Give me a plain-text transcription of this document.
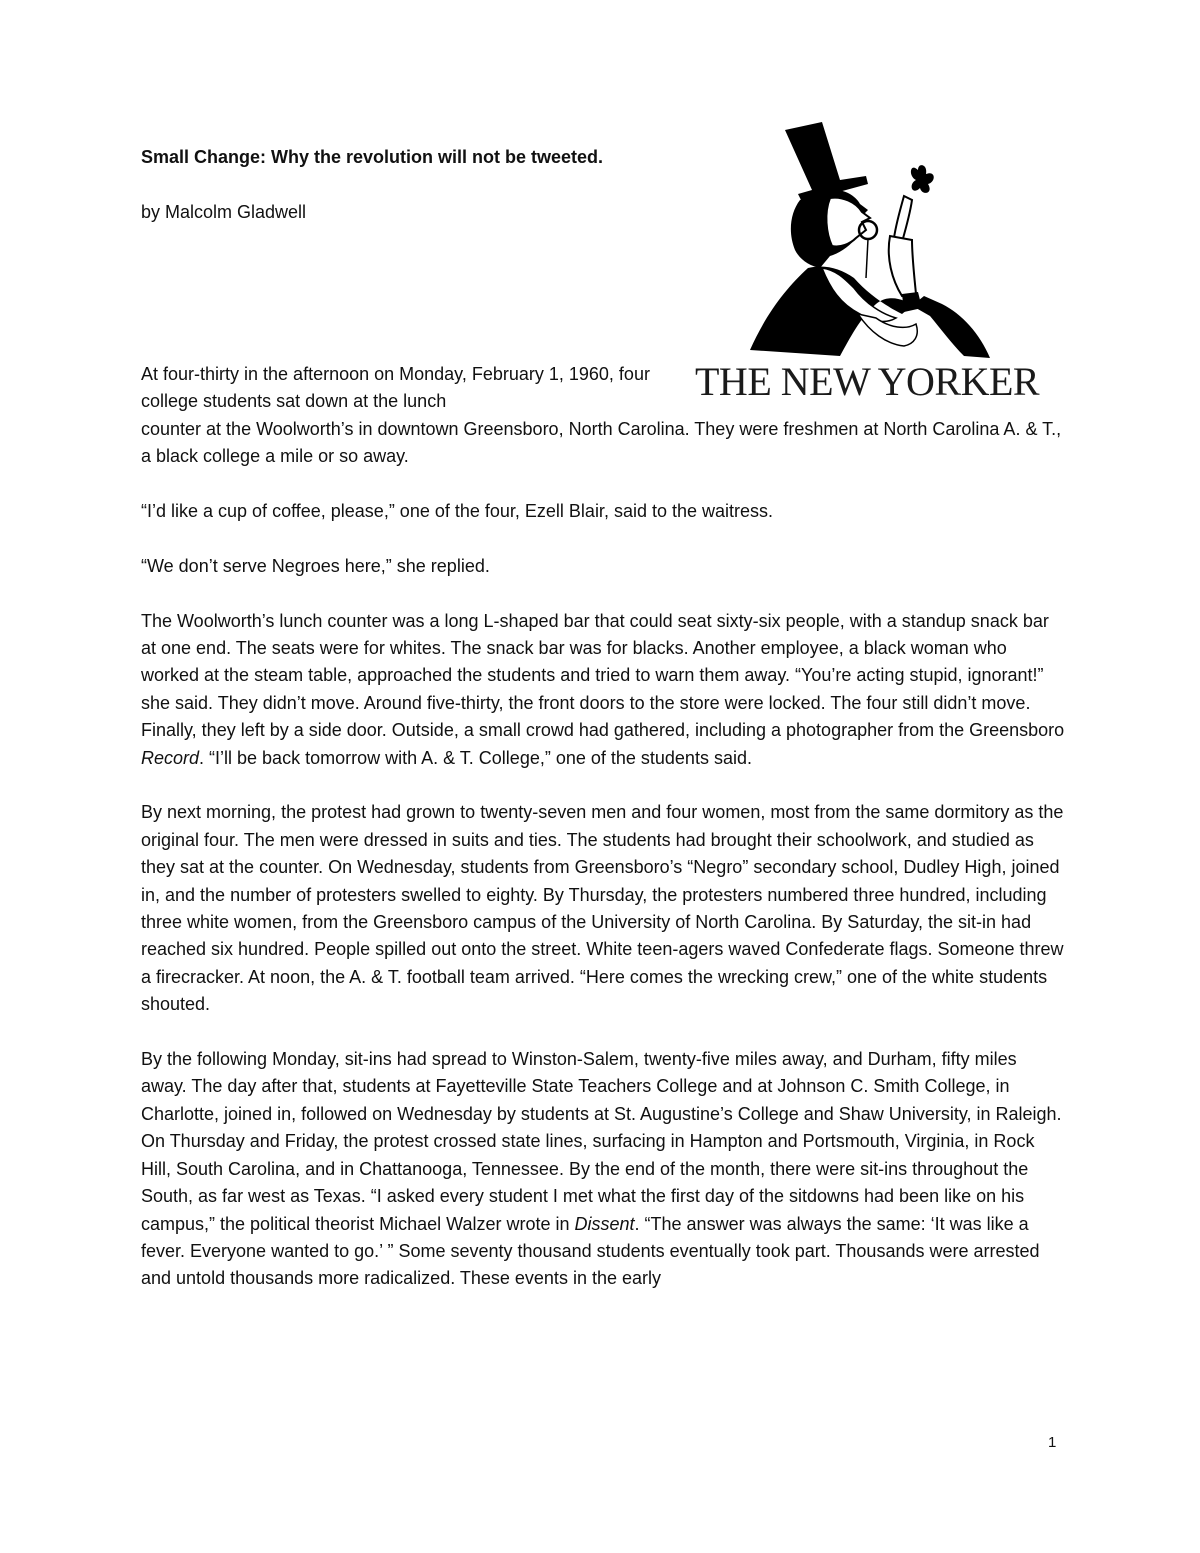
Small Change: Why the revolution will not be tweeted.
by Malcolm Gladwell
THE NEW YORKER

At four-thirty in the afternoon on Monday, February 1, 1960, four college students sat down at the lunch
counter at the Woolworth’s in downtown Greensboro, North Carolina. They were freshmen at North Carolina A. & T., a black college a mile or so away.

“I’d like a cup of coffee, please,” one of the four, Ezell Blair, said to the waitress.

“We don’t serve Negroes here,” she replied.

The Woolworth’s lunch counter was a long L-shaped bar that could seat sixty-six people, with a standup snack bar at one end. The seats were for whites. The snack bar was for blacks. Another employee, a black woman who worked at the steam table, approached the students and tried to warn them away. “You’re acting stupid, ignorant!” she said. They didn’t move. Around five-thirty, the front doors to the store were locked. The four still didn’t move. Finally, they left by a side door. Outside, a small crowd had gathered, including a photographer from the Greensboro Record. “I’ll be back tomorrow with A. & T. College,” one of the students said.

By next morning, the protest had grown to twenty-seven men and four women, most from the same dormitory as the original four. The men were dressed in suits and ties. The students had brought their schoolwork, and studied as they sat at the counter. On Wednesday, students from Greensboro’s “Negro” secondary school, Dudley High, joined in, and the number of protesters swelled to eighty. By Thursday, the protesters numbered three hundred, including three white women, from the Greensboro campus of the University of North Carolina. By Saturday, the sit-in had reached six hundred. People spilled out onto the street. White teen-agers waved Confederate flags. Someone threw a firecracker. At noon, the A. & T. football team arrived. “Here comes the wrecking crew,” one of the white students shouted.

By the following Monday, sit-ins had spread to Winston-Salem, twenty-five miles away, and Durham, fifty miles away. The day after that, students at Fayetteville State Teachers College and at Johnson C. Smith College, in Charlotte, joined in, followed on Wednesday by students at St. Augustine’s College and Shaw University, in Raleigh. On Thursday and Friday, the protest crossed state lines, surfacing in Hampton and Portsmouth, Virginia, in Rock Hill, South Carolina, and in Chattanooga, Tennessee. By the end of the month, there were sit-ins throughout the South, as far west as Texas. “I asked every student I met what the first day of the sitdowns had been like on his campus,” the political theorist Michael Walzer wrote in Dissent. “The answer was always the same: ‘It was like a fever. Everyone wanted to go.’ ” Some seventy thousand students eventually took part. Thousands were arrested and untold thousands more radicalized. These events in the early

1
